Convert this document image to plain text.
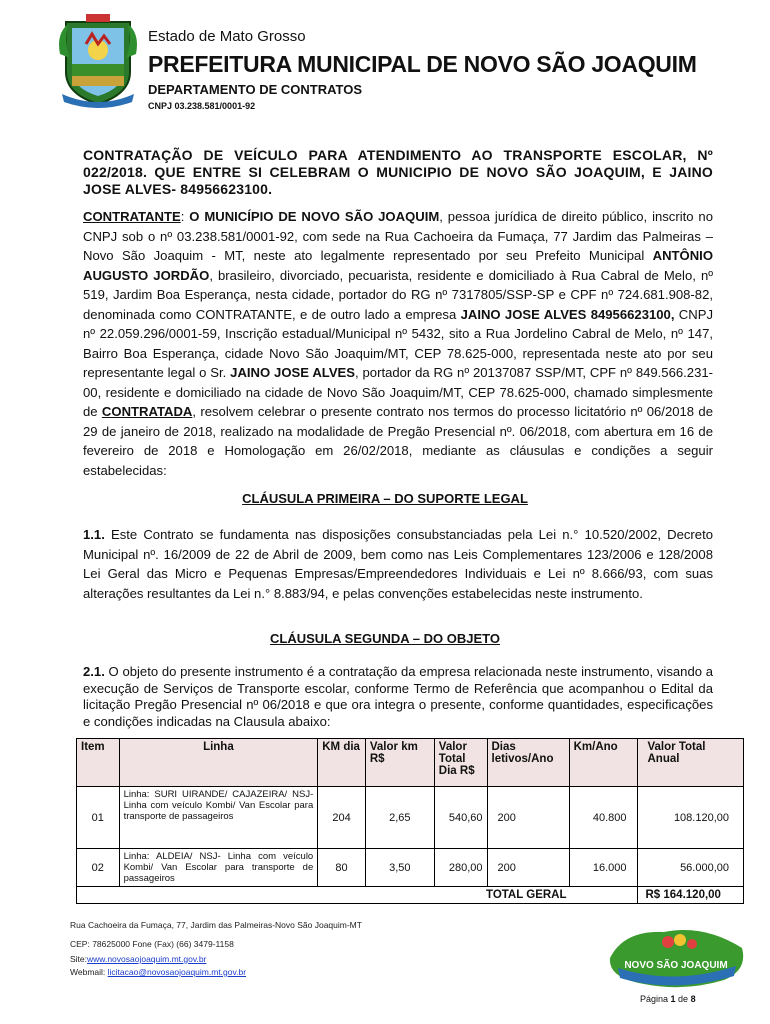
Estado de Mato Grosso
PREFEITURA MUNICIPAL DE NOVO SÃO JOAQUIM
DEPARTAMENTO DE CONTRATOS
CNPJ 03.238.581/0001-92
CONTRATAÇÃO DE VEÍCULO PARA ATENDIMENTO AO TRANSPORTE ESCOLAR, Nº 022/2018. QUE ENTRE SI CELEBRAM O MUNICIPIO DE NOVO SÃO JOAQUIM, E JAINO JOSE ALVES- 84956623100.
CONTRATANTE: O MUNICÍPIO DE NOVO SÃO JOAQUIM, pessoa jurídica de direito público, inscrito no CNPJ sob o nº 03.238.581/0001-92, com sede na Rua Cachoeira da Fumaça, 77 Jardim das Palmeiras – Novo São Joaquim - MT, neste ato legalmente representado por seu Prefeito Municipal ANTÔNIO AUGUSTO JORDÃO, brasileiro, divorciado, pecuarista, residente e domiciliado à Rua Cabral de Melo, nº 519, Jardim Boa Esperança, nesta cidade, portador do RG nº 7317805/SSP-SP e CPF nº 724.681.908-82, denominada como CONTRATANTE, e de outro lado a empresa JAINO JOSE ALVES 84956623100, CNPJ nº 22.059.296/0001-59, Inscrição estadual/Municipal nº 5432, sito a Rua Jordelino Cabral de Melo, nº 147, Bairro Boa Esperança, cidade Novo São Joaquim/MT, CEP 78.625-000, representada neste ato por seu representante legal o Sr. JAINO JOSE ALVES, portador da RG nº 20137087 SSP/MT, CPF nº 849.566.231-00, residente e domiciliado na cidade de Novo São Joaquim/MT, CEP 78.625-000, chamado simplesmente de CONTRATADA, resolvem celebrar o presente contrato nos termos do processo licitatório nº 06/2018 de 29 de janeiro de 2018, realizado na modalidade de Pregão Presencial nº. 06/2018, com abertura em 16 de fevereiro de 2018 e Homologação em 26/02/2018, mediante as cláusulas e condições a seguir estabelecidas:
CLÁUSULA PRIMEIRA – DO SUPORTE LEGAL
1.1. Este Contrato se fundamenta nas disposições consubstanciadas pela Lei n.° 10.520/2002, Decreto Municipal nº. 16/2009 de 22 de Abril de 2009, bem como nas Leis Complementares 123/2006 e 128/2008 Lei Geral das Micro e Pequenas Empresas/Empreendedores Individuais e Lei nº 8.666/93, com suas alterações resultantes da Lei n.° 8.883/94, e pelas convenções estabelecidas neste instrumento.
CLÁUSULA SEGUNDA – DO OBJETO
2.1. O objeto do presente instrumento é a contratação da empresa relacionada neste instrumento, visando a execução de Serviços de Transporte escolar, conforme Termo de Referência que acompanhou o Edital da licitação Pregão Presencial nº 06/2018 e que ora integra o presente, conforme quantidades, especificações e condições indicadas na Clausula abaixo:
Item	Linha	KM dia	Valor km R$	Valor Total Dia R$	Dias letivos/Ano	Km/Ano	Valor Total Anual
01	Linha: SURI UIRANDE/ CAJAZEIRA/ NSJ- Linha com veículo Kombi/ Van Escolar para transporte de passageiros	204	2,65	540,60	200	40.800	108.120,00
02	Linha: ALDEIA/ NSJ- Linha com veículo Kombi/ Van Escolar para transporte de passageiros	80	3,50	280,00	200	16.000	56.000,00
TOTAL GERAL							R$ 164.120,00
Rua Cachoeira da Fumaça, 77, Jardim das Palmeiras-Novo São Joaquim-MT
CEP: 78625000 Fone (Fax) (66) 3479-1158
Site:www.novosaojoaquim.mt.gov.br
Webmail: licitacao@novosaojoaquim.mt.gov.br
NOVO SÃO JOAQUIM
Página 1 de 8
